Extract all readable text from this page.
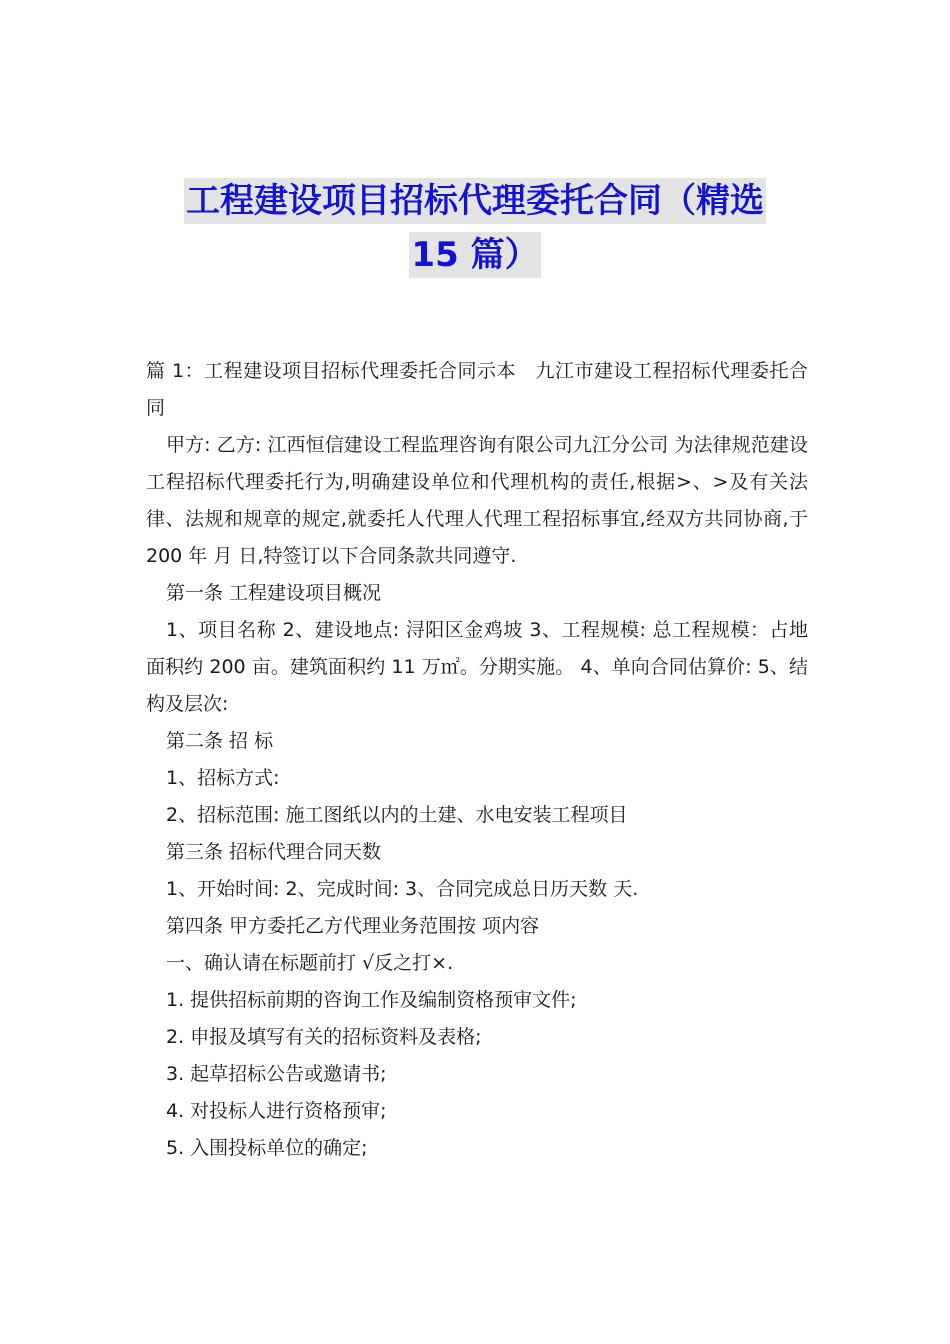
工程建设项目招标代理委托合同（精选
15 篇）

篇 1：工程建设项目招标代理委托合同示本　九江市建设工程招标代理委托合同

甲方: 乙方: 江西恒信建设工程监理咨询有限公司九江分公司 为法律规范建设工程招标代理委托行为,明确建设单位和代理机构的责任,根据>、>及有关法律、法规和规章的规定,就委托人代理人代理工程招标事宜,经双方共同协商,于 200 年 月 日,特签订以下合同条款共同遵守.

第一条 工程建设项目概况

1、项目名称 2、建设地点: 浔阳区金鸡坡 3、工程规模: 总工程规模：占地面积约 200 亩。建筑面积约 11 万㎡。分期实施。 4、单向合同估算价: 5、结构及层次:

第二条 招 标

1、招标方式:

2、招标范围: 施工图纸以内的土建、水电安装工程项目

第三条 招标代理合同天数

1、开始时间: 2、完成时间: 3、合同完成总日历天数 天.

第四条 甲方委托乙方代理业务范围按 项内容

一、确认请在标题前打 √反之打×.

1. 提供招标前期的咨询工作及编制资格预审文件;

2. 申报及填写有关的招标资料及表格;

3. 起草招标公告或邀请书;

4. 对投标人进行资格预审;

5. 入围投标单位的确定;
